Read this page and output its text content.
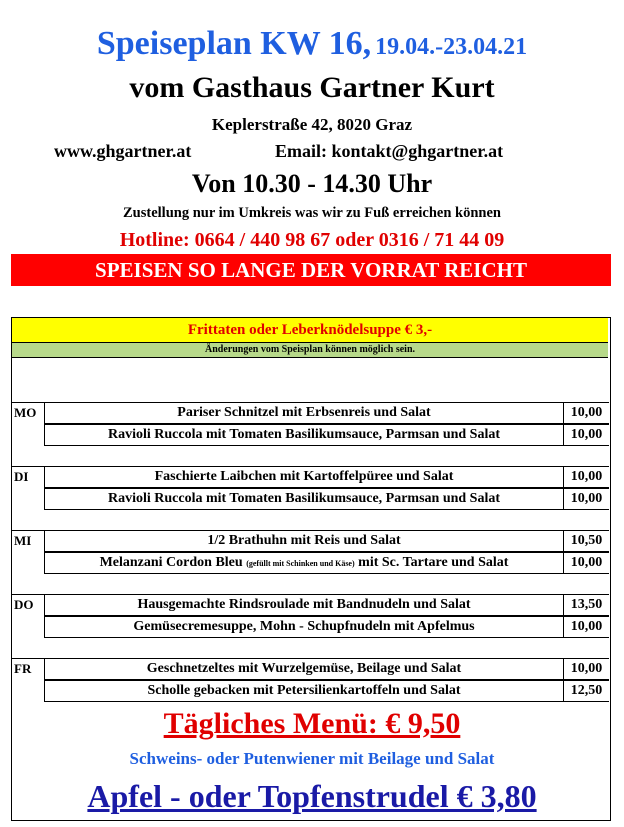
Speiseplan KW 16, 19.04.-23.04.21
vom Gasthaus Gartner Kurt
Keplerstraße 42, 8020 Graz
www.ghgartner.at	Email: kontakt@ghgartner.at
Von 10.30 - 14.30 Uhr
Zustellung nur im Umkreis was wir zu Fuß erreichen können
Hotline: 0664 / 440 98 67 oder 0316 / 71 44 09
SPEISEN SO LANGE DER VORRAT REICHT
Frittaten oder Leberknödelsuppe € 3,-
Änderungen vom Speisplan können möglich sein.
MO	Pariser Schnitzel mit Erbsenreis und Salat	10,00
Ravioli Ruccola mit Tomaten Basilikumsauce, Parmsan und Salat	10,00
DI	Faschierte Laibchen mit Kartoffelpüree und Salat	10,00
Ravioli Ruccola mit Tomaten Basilikumsauce, Parmsan und Salat	10,00
MI	1/2 Brathuhn mit Reis und Salat	10,50
Melanzani Cordon Bleu (gefüllt mit Schinken und Käse) mit Sc. Tartare und Salat	10,00
DO	Hausgemachte Rindsroulade mit Bandnudeln und Salat	13,50
Gemüsecremesuppe, Mohn - Schupfnudeln mit Apfelmus	10,00
FR	Geschnetzeltes mit Wurzelgemüse, Beilage und Salat	10,00
Scholle gebacken mit Petersilienkartoffeln und Salat	12,50
Tägliches Menü: € 9,50
Schweins- oder Putenwiener mit Beilage und Salat
Apfel - oder Topfenstrudel € 3,80
